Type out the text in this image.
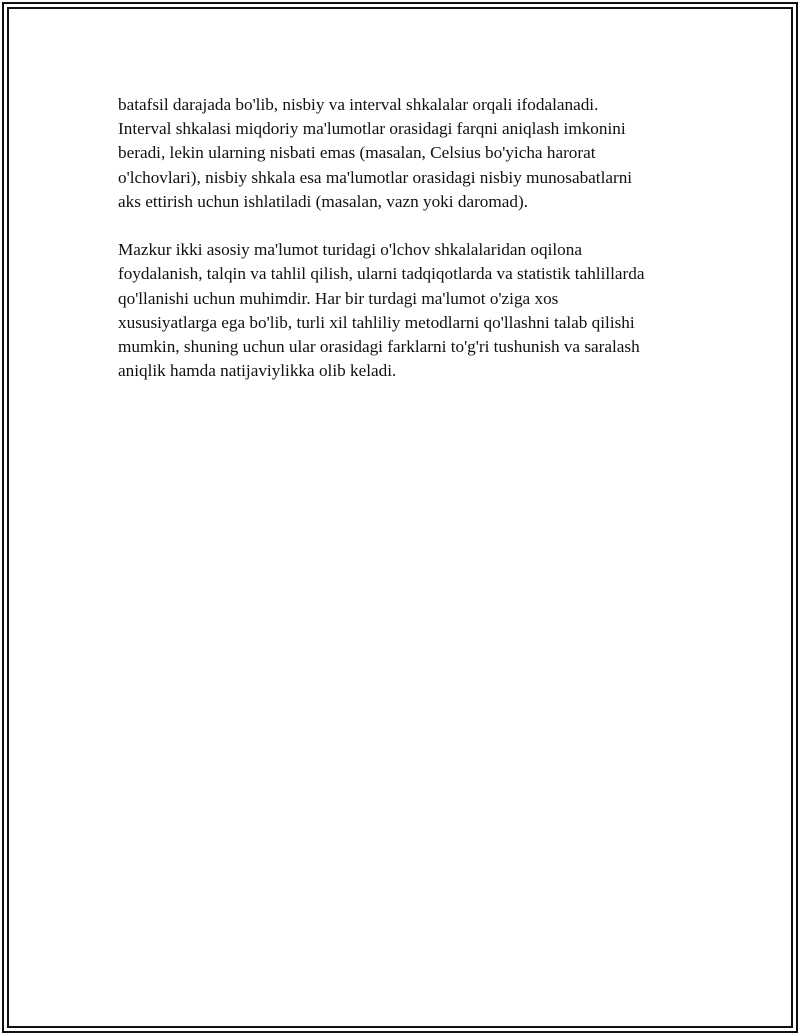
batafsil darajada bo'lib, nisbiy va interval shkalalar orqali ifodalanadi.
Interval shkalasi miqdoriy ma'lumotlar orasidagi farqni aniqlash imkonini
beradi, lekin ularning nisbati emas (masalan, Celsius bo'yicha harorat
o'lchovlari), nisbiy shkala esa ma'lumotlar orasidagi nisbiy munosabatlarni
aks ettirish uchun ishlatiladi (masalan, vazn yoki daromad).

Mazkur ikki asosiy ma'lumot turidagi o'lchov shkalalaridan oqilona
foydalanish, talqin va tahlil qilish, ularni tadqiqotlarda va statistik tahlillarda
qo'llanishi uchun muhimdir. Har bir turdagi ma'lumot o'ziga xos
xususiyatlarga ega bo'lib, turli xil tahliliy metodlarni qo'llashni talab qilishi
mumkin, shuning uchun ular orasidagi farklarni to'g'ri tushunish va saralash
aniqlik hamda natijaviylikka olib keladi.
